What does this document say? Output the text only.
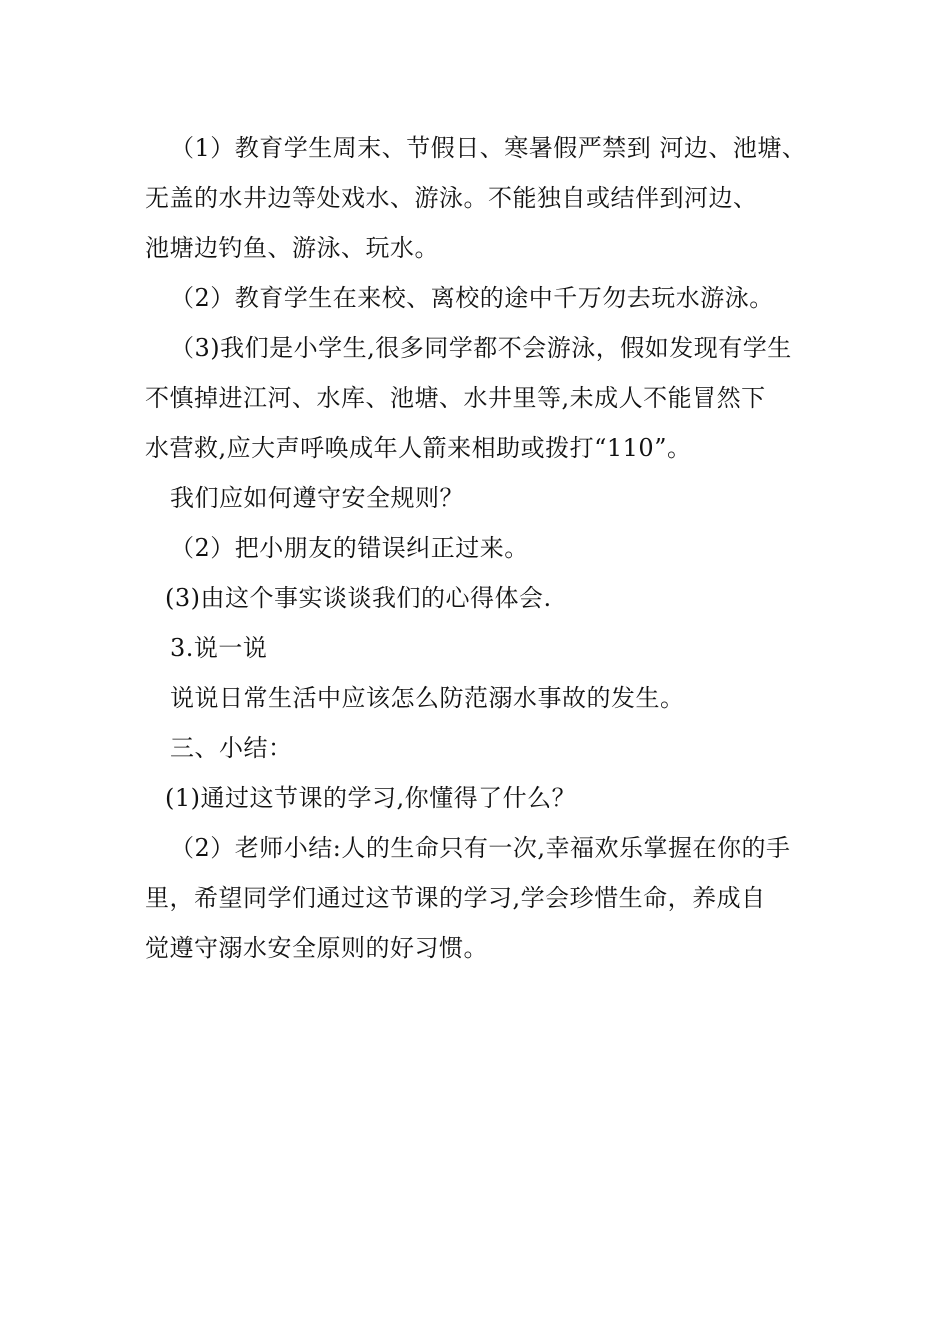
（1）教育学生周末、节假日、寒暑假严禁到 河边、池塘、
无盖的水井边等处戏水、游泳。不能独自或结伴到河边、
池塘边钓鱼、游泳、玩水。
（2）教育学生在来校、离校的途中千万勿去玩水游泳。
（3)我们是小学生,很多同学都不会游泳，假如发现有学生
不慎掉进江河、水库、池塘、水井里等,未成人不能冒然下
水营救,应大声呼唤成年人箭来相助或拨打“110”。
我们应如何遵守安全规则？
（2）把小朋友的错误纠正过来。
(3)由这个事实谈谈我们的心得体会.
3.说一说
说说日常生活中应该怎么防范溺水事故的发生。
三、小结：
(1)通过这节课的学习,你懂得了什么？
（2）老师小结:人的生命只有一次,幸福欢乐掌握在你的手
里，希望同学们通过这节课的学习,学会珍惜生命，养成自
觉遵守溺水安全原则的好习惯。
